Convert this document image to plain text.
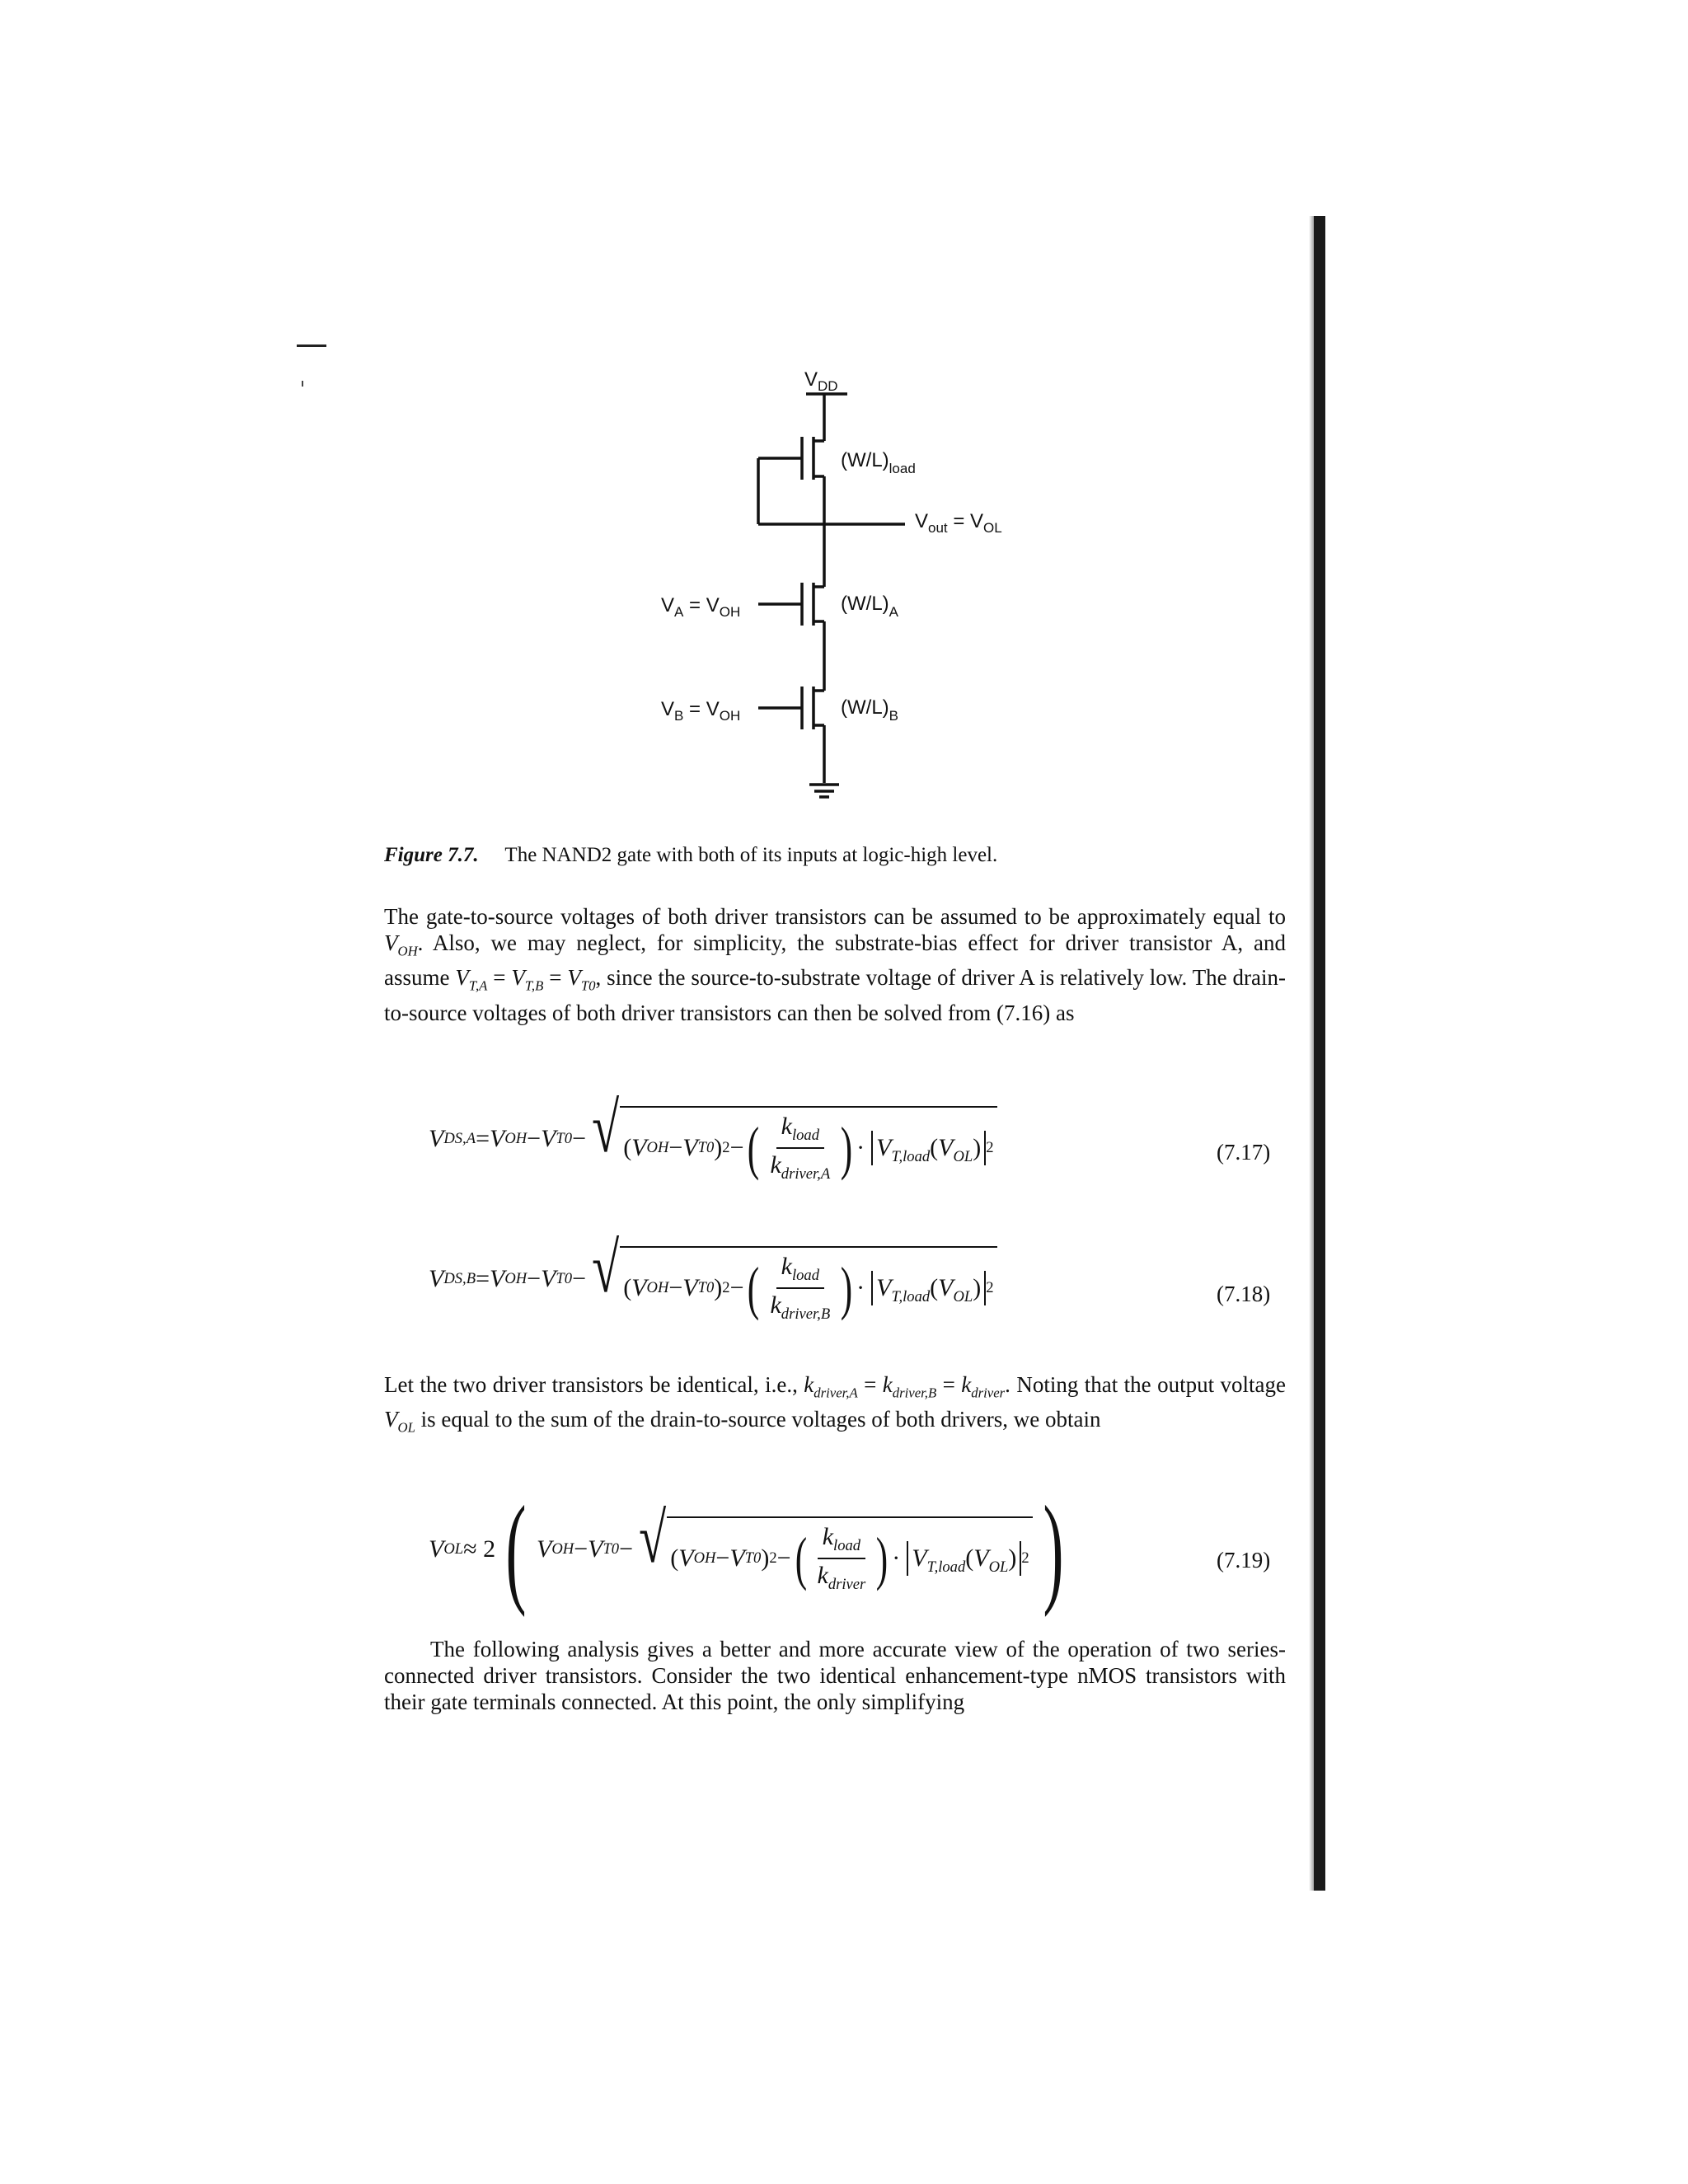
$V_{DD}$
$(W/L)_{load}$
$V_{out} = V_{OL}$
$V_A = V_{OH}$	$(W/L)_A$
$V_B = V_{OH}$	$(W/L)_B$
Figure 7.7. The NAND2 gate with both of its inputs at logic-high level.

The gate-to-source voltages of both driver transistors can be assumed to be approximately equal to $V_{OH}$. Also, we may neglect, for simplicity, the substrate-bias effect for driver transistor A, and assume $V_{T,A} = V_{T,B} = V_{T0}$, since the source-to-substrate voltage of driver A is relatively low. The drain-to-source voltages of both driver transistors can then be solved from (7.16) as

V DS,A = V OH − V T0 − √ ( V OH − V T0 ) 2 − ( $\frac{k_{load}}{k_{driver,A}}$ ) · $V_{T,load}(V_{OL})$ 2	(7.17)
V DS,B = V OH − V T0 − √ ( V OH − V T0 ) 2 − ( $\frac{k_{load}}{k_{driver,B}}$ ) · $V_{T,load}(V_{OL})$ 2	(7.18)

Let the two driver transistors be identical, i.e., $k_{driver,A} = k_{driver,B} = k_{driver}$. Noting that the output voltage $V_{OL}$ is equal to the sum of the drain-to-source voltages of both drivers, we obtain

V OL ≈ 2 ( V OH − V T0 − √ ( V OH − V T0 ) 2 − ( $\frac{k_{load}}{k_{driver}}$ ) · $V_{T,load}(V_{OL})$ 2 )	(7.19)

The following analysis gives a better and more accurate view of the operation of two series-connected driver transistors. Consider the two identical enhancement-type nMOS transistors with their gate terminals connected. At this point, the only simplifying
